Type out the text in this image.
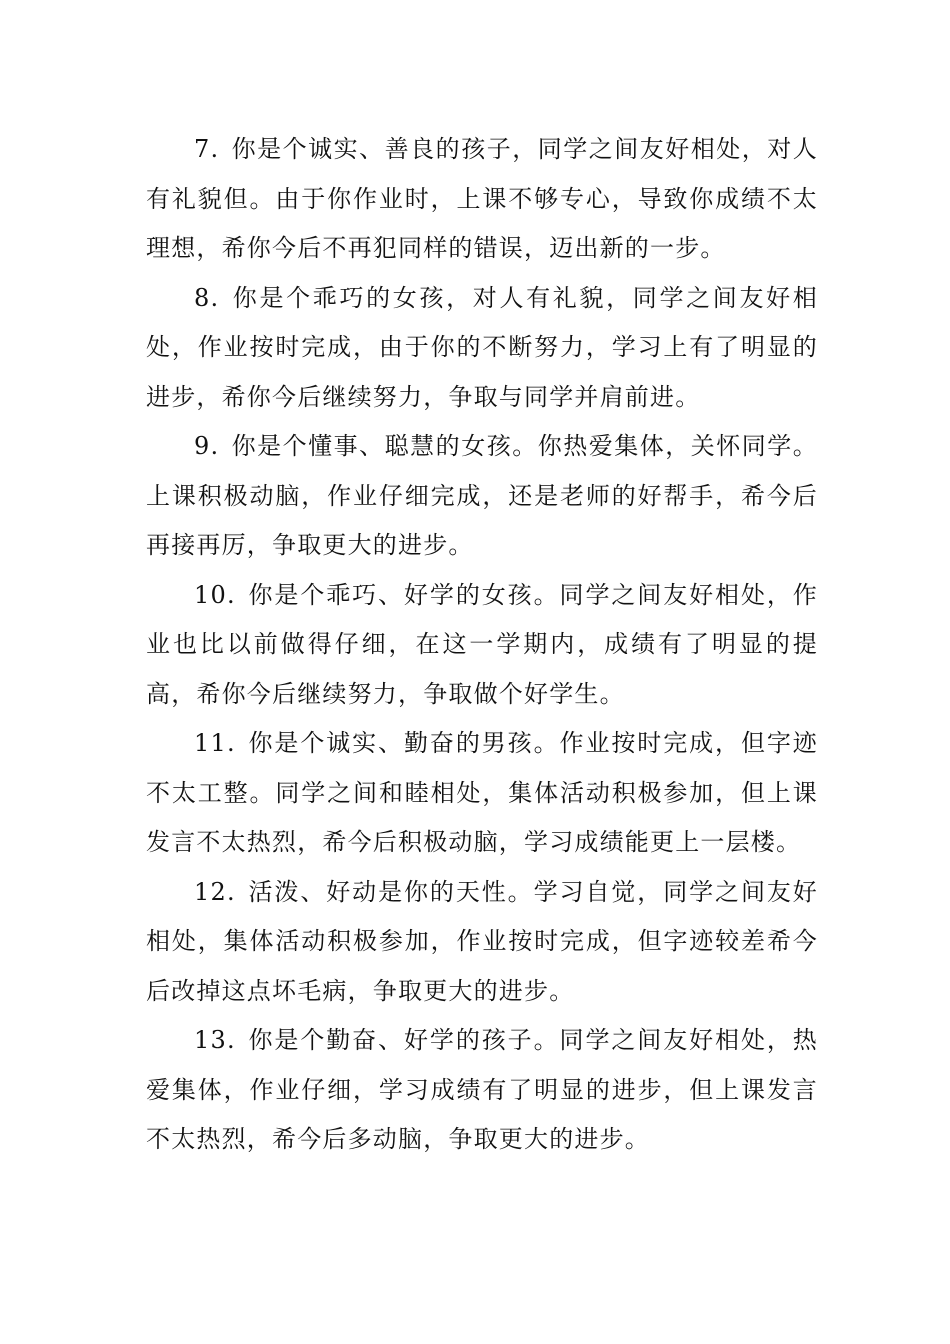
7. 你是个诚实、善良的孩子，同学之间友好相处，对人有礼貌但。由于你作业时，上课不够专心，导致你成绩不太理想，希你今后不再犯同样的错误，迈出新的一步。

8. 你是个乖巧的女孩，对人有礼貌，同学之间友好相处，作业按时完成，由于你的不断努力，学习上有了明显的进步，希你今后继续努力，争取与同学并肩前进。

9. 你是个懂事、聪慧的女孩。你热爱集体，关怀同学。上课积极动脑，作业仔细完成，还是老师的好帮手，希今后再接再厉，争取更大的进步。

10. 你是个乖巧、好学的女孩。同学之间友好相处，作业也比以前做得仔细，在这一学期内，成绩有了明显的提高，希你今后继续努力，争取做个好学生。

11. 你是个诚实、勤奋的男孩。作业按时完成，但字迹不太工整。同学之间和睦相处，集体活动积极参加，但上课发言不太热烈，希今后积极动脑，学习成绩能更上一层楼。

12. 活泼、好动是你的天性。学习自觉，同学之间友好相处，集体活动积极参加，作业按时完成，但字迹较差希今后改掉这点坏毛病，争取更大的进步。

13. 你是个勤奋、好学的孩子。同学之间友好相处，热爱集体，作业仔细，学习成绩有了明显的进步，但上课发言不太热烈，希今后多动脑，争取更大的进步。
